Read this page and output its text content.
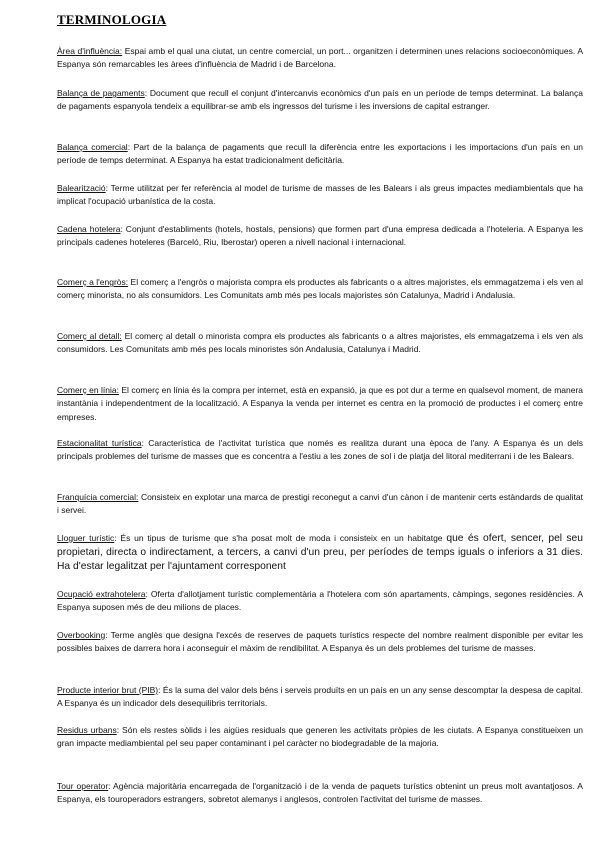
TERMINOLOGIA

Àrea d'influència: Espai amb el qual una ciutat, un centre comercial, un port... organitzen i determinen unes relacions socioeconòmiques. A Espanya són remarcables les àrees d'influència de Madrid i de Barcelona.

Balança de pagaments: Document que recull el conjunt d'intercanvis econòmics d'un país en un període de temps determinat. La balança de pagaments espanyola tendeix a equilibrar-se amb els ingressos del turisme i les inversions de capital estranger.

Balança comercial: Part de la balança de pagaments que recull la diferència entre les exportacions i les importacions d'un país en un període de temps determinat. A Espanya ha estat tradicionalment deficitària.

Balearització: Terme utilitzat per fer referència al model de turisme de masses de les Balears i als greus impactes mediambientals que ha implicat l'ocupació urbanística de la costa.

Cadena hotelera: Conjunt d'establiments (hotels, hostals, pensions) que formen part d'una empresa dedicada a l'hoteleria. A Espanya les principals cadenes hoteleres (Barceló, Riu, Iberostar) operen a nivell nacional i internacional.

Comerç a l'engròs: El comerç a l'engròs o majorista compra els productes als fabricants o a altres majoristes, els emmagatzema i els ven al comerç minorista, no als consumidors. Les Comunitats amb més pes locals majoristes són Catalunya, Madrid i Andalusia.

Comerç al detall: El comerç al detall o minorista compra els productes als fabricants o a altres majoristes, els emmagatzema i els ven als consumidors. Les Comunitats amb més pes locals minoristes són Andalusia, Catalunya i Madrid.

Comerç en línia: El comerç en línia és la compra per internet, està en expansió, ja que es pot dur a terme en qualsevol moment, de manera instantània i independentment de la localització. A Espanya la venda per internet es centra en la promoció de productes i el comerç entre empreses.

Estacionalitat turística: Característica de l'activitat turística que només es realitza durant una època de l'any. A Espanya és un dels principals problemes del turisme de masses que es concentra a l'estiu a les zones de sol i de platja del litoral mediterrani i de les Balears.

Franquícia comercial: Consisteix en explotar una marca de prestigi reconegut a canvi d'un cànon i de mantenir certs estàndards de qualitat i servei.

Lloguer turístic: És un tipus de turisme que s'ha posat molt de moda i consisteix en un habitatge que és ofert, sencer, pel seu propietari, directa o indirectament, a tercers, a canvi d'un preu, per períodes de temps iguals o inferiors a 31 dies. Ha d'estar legalitzat per l'ajuntament corresponent

Ocupació extrahotelera: Oferta d'allotjament turístic complementària a l'hotelera com són apartaments, càmpings, segones residències. A Espanya suposen més de deu milions de places.

Overbooking: Terme anglès que designa l'excés de reserves de paquets turístics respecte del nombre realment disponible per evitar les possibles baixes de darrera hora i aconseguir el màxim de rendibilitat. A Espanya és un dels problemes del turisme de masses.

Producte interior brut (PIB): És la suma del valor dels béns i serveis produïts en un país en un any sense descomptar la despesa de capital. A Espanya és un indicador dels desequilibris territorials.

Residus urbans: Són els restes sòlids i les aigües residuals que generen les activitats pròpies de les ciutats. A Espanya constitueixen un gran impacte mediambiental pel seu paper contaminant i pel caràcter no biodegradable de la majoria.

Tour operator: Agència majoritària encarregada de l'organització i de la venda de paquets turístics obtenint un preus molt avantatjosos. A Espanya, els touroperadors estrangers, sobretot alemanys i anglesos, controlen l'activitat del turisme de masses.
